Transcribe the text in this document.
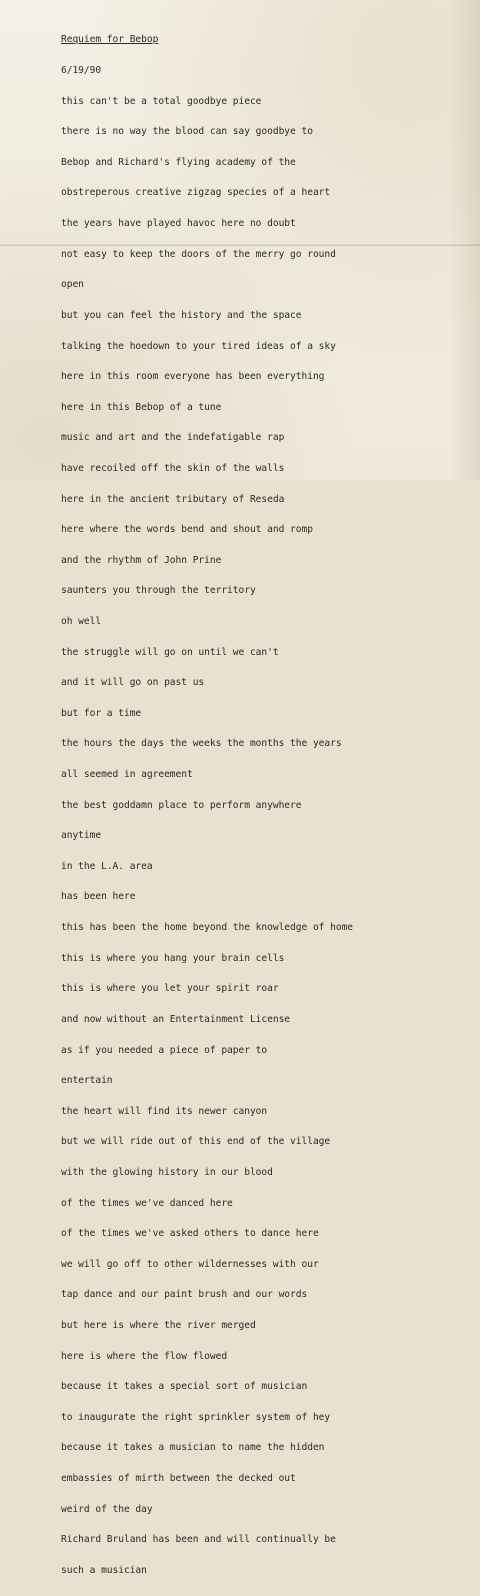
Requiem for Bebop

6/19/90

this can't be a total goodbye piece

there is no way the blood can say goodbye to

Bebop and Richard's flying academy of the

obstreperous creative zigzag species of a heart

the years have played havoc here no doubt

not easy to keep the doors of the merry go round

open

but you can feel the history and the space

talking the hoedown to your tired ideas of a sky

here in this room everyone has been everything

here in this Bebop of a tune

music and art and the indefatigable rap

have recoiled off the skin of the walls

here in the ancient tributary of Reseda

here where the words bend and shout and romp

and the rhythm of John Prine

saunters you through the territory

oh well

the struggle will go on until we can't

and it will go on past us

but for a time

the hours the days the weeks the months the years

all seemed in agreement

the best goddamn place to perform anywhere

anytime

in the L.A. area

has been here

this has been the home beyond the knowledge of home

this is where you hang your brain cells

this is where you let your spirit roar

and now without an Entertainment License

as if you needed a piece of paper to

entertain

the heart will find its newer canyon

but we will ride out of this end of the village

with the glowing history in our blood

of the times we've danced here

of the times we've asked others to dance here

we will go off to other wildernesses with our

tap dance and our paint brush and our words

but here is where the river merged

here is where the flow flowed

because it takes a special sort of musician

to inaugurate the right sprinkler system of hey

because it takes a musician to name the hidden

embassies of mirth between the decked out

weird of the day

Richard Bruland has been and will continually be

such a musician
